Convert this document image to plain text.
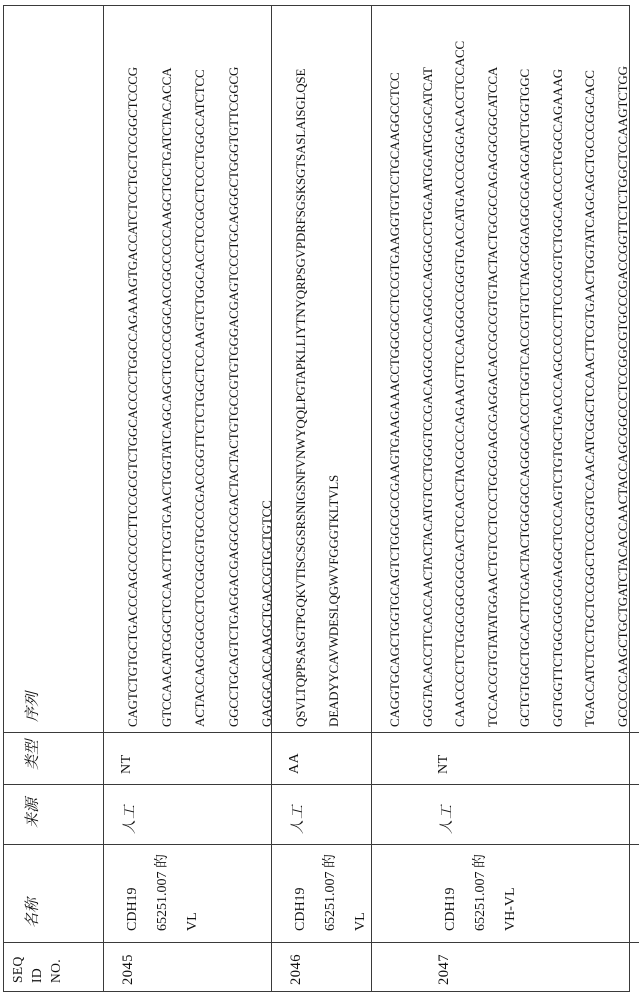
SEQ
ID
NO.
名称
来源
类型
序列
2045
CDH19
65251.007 的
VL
人工
NT
CAGTCTGTGCTGACCCAGCCCCCTTCCGCGTCTGGCACCCCTGGCCAGAAAGTGACCATCTCCTGCTCCGGCTCCCG
GTCCAACATCGGCTCCAACTTCGTGAACTGGTATCAGCAGCTGCCCGGCACCGCCCCCAAGCTGCTGATCTACACCA
ACTACCAGCGGCCCTCCGGCGTGCCCGACCGGTTCTCTGGCTCCAAGTCTGGCACCTCCGCCTCCCTGGCCATCTCC
GGCCTGCAGTCTGAGGACGAGGCCGACTACTACTGTGCCGTGTGGGACGAGTCCCTGCAGGGCTGGGTGTTCGGCG
GAGGCACCAAGCTGACCGTGCTGTCC
2046
CDH19
65251.007 的
VL
人工
AA
QSVLTQPPSASGTPGQKVTISCSGSRSNIGSNFVNWYQQLPGTAPKLLIYTNYQRPSGVPDRFSGSKSGTSASLAISGLQSE
DEADYYCAVWDESLQGWVFGGGTKLTVLS
2047
CDH19
65251.007 的
VH-VL
人工
NT
CAGGTGCAGCTGGTGCAGTCTGGCGCCGAAGTGAAGAAACCTGGCGCCTCCGTGAAGGTGTCCTGCAAGGCCTCC
GGGTACACCTTCACCAACTACTACATGTCCTGGGTCCGACAGGCCCCAGGCCAGGGCCTGGAATGGATGGGCATCAT
CAACCCCTCTGGCGGCGGCGACTCCACCTACGCCCAGAAGTTCCAGGGCCGGGTGACCATGACCCGGGACACCTCCACC
TCCACCGTGTATATGGAACTGTCCTCCCTGCGGAGCGAGGACACCGCCGTGTACTACTGCGCCAGAGGCGGCATCCA
GCTGTGGCTGCACTTCGACTACTGGGGCCAGGGCACCCTGGTCACCGTGTCTAGCGGAGGCGGAGGATCTGGTGGC
GGTGGTTCTGGCGGCGGAGGCTCCCAGTCTGTGCTGACCCAGCCCCCTTCCGCGTCTGGCACCCCTGGCCAGAAAG
TGACCATCTCCTGCTCCGGCTCCCGGTCCAACATCGGCTCCAACTTCGTGAACTGGTATCAGCAGCTGCCCGGCACC
GCCCCCAAGCTGCTGATCTACACCAACTACCAGCGGCCCTCCGGCGTGCCCGACCGGTTCTCTGGCTCCAAGTCTGG
